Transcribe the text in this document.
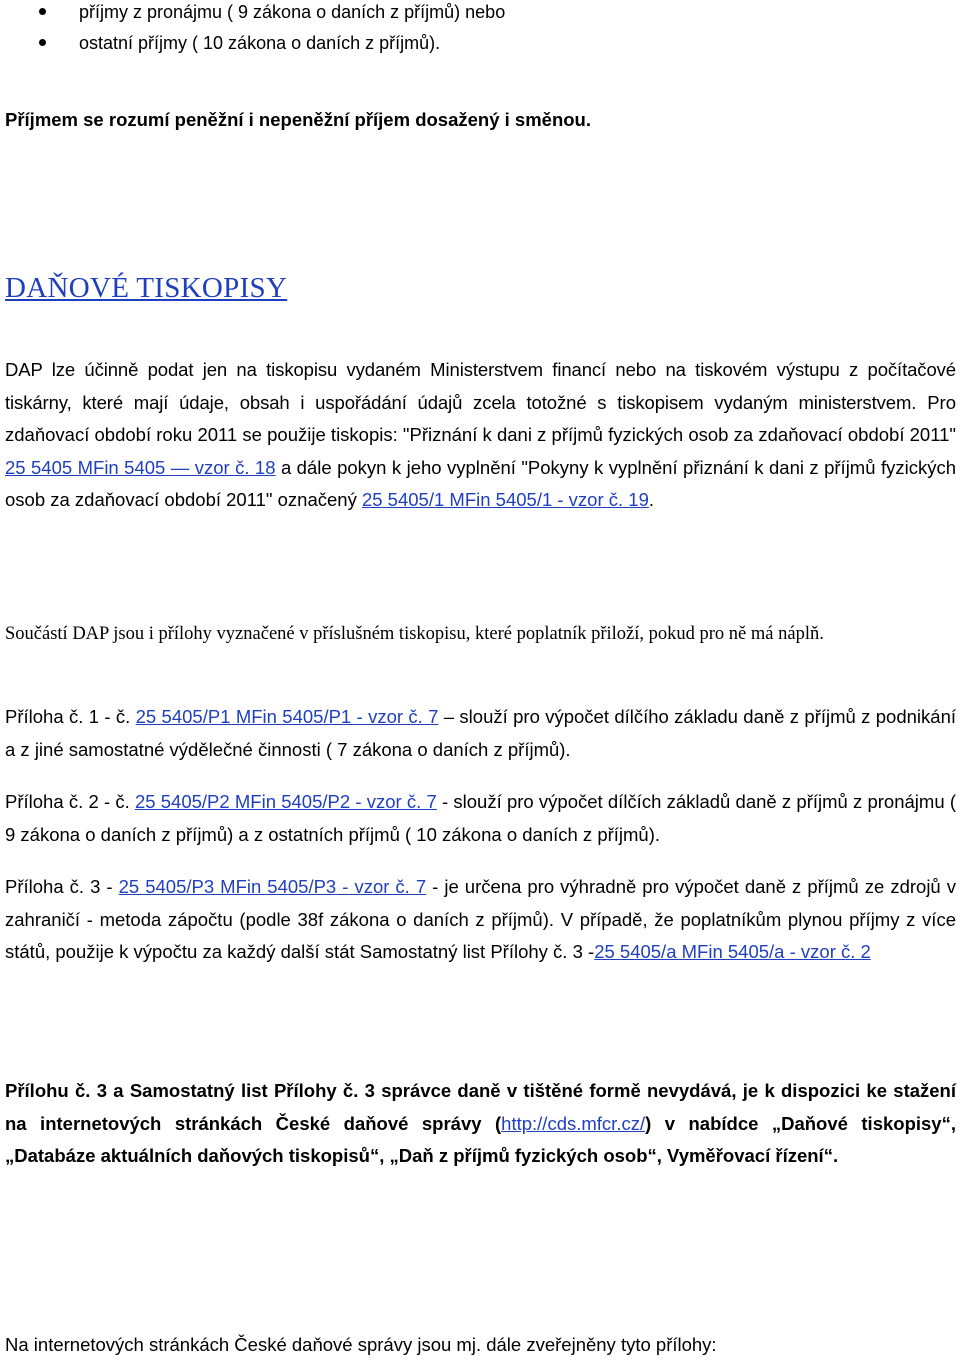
příjmy z pronájmu ( 9 zákona o daních z příjmů) nebo
ostatní příjmy ( 10 zákona o daních z příjmů).
Příjmem se rozumí peněžní i nepeněžní příjem dosažený i směnou.
DAŇOVÉ TISKOPISY
DAP lze účinně podat jen na tiskopisu vydaném Ministerstvem financí nebo na tiskovém výstupu z počítačové tiskárny, které mají údaje, obsah i uspořádání údajů zcela totožné s tiskopisem vydaným ministerstvem. Pro zdaňovací období roku 2011 se použije tiskopis: "Přiznání k dani z příjmů fyzických osob za zdaňovací období 2011" 25 5405 MFin 5405 — vzor č. 18 a dále pokyn k jeho vyplnění "Pokyny k vyplnění přiznání k dani z příjmů fyzických osob za zdaňovací období 2011" označený 25 5405/1 MFin 5405/1 - vzor č. 19.
Součástí DAP jsou i přílohy vyznačené v příslušném tiskopisu, které poplatník přiloží, pokud pro ně má náplň.
Příloha č. 1 - č. 25 5405/P1 MFin 5405/P1 - vzor č. 7 – slouží pro výpočet dílčího základu daně z příjmů z podnikání a z jiné samostatné výdělečné činnosti ( 7 zákona o daních z příjmů).
Příloha č. 2 - č. 25 5405/P2 MFin 5405/P2 - vzor č. 7 - slouží pro výpočet dílčích základů daně z příjmů z pronájmu ( 9 zákona o daních z příjmů) a z ostatních příjmů ( 10 zákona o daních z příjmů).
Příloha č. 3 - 25 5405/P3 MFin 5405/P3 - vzor č. 7 - je určena pro výhradně pro výpočet daně z příjmů ze zdrojů v zahraničí - metoda zápočtu (podle 38f zákona o daních z příjmů). V případě, že poplatníkům plynou příjmy z více států, použije k výpočtu za každý další stát Samostatný list Přílohy č. 3 -25 5405/a MFin 5405/a - vzor č. 2
Přílohu č. 3 a Samostatný list Přílohy č. 3 správce daně v tištěné formě nevydává, je k dispozici ke stažení na internetových stránkách České daňové správy (http://cds.mfcr.cz/) v nabídce „Daňové tiskopisy“, „Databáze aktuálních daňových tiskopisů“, „Daň z příjmů fyzických osob“, Vyměřovací řízení“.
Na internetových stránkách České daňové správy jsou mj. dále zveřejněny tyto přílohy:
